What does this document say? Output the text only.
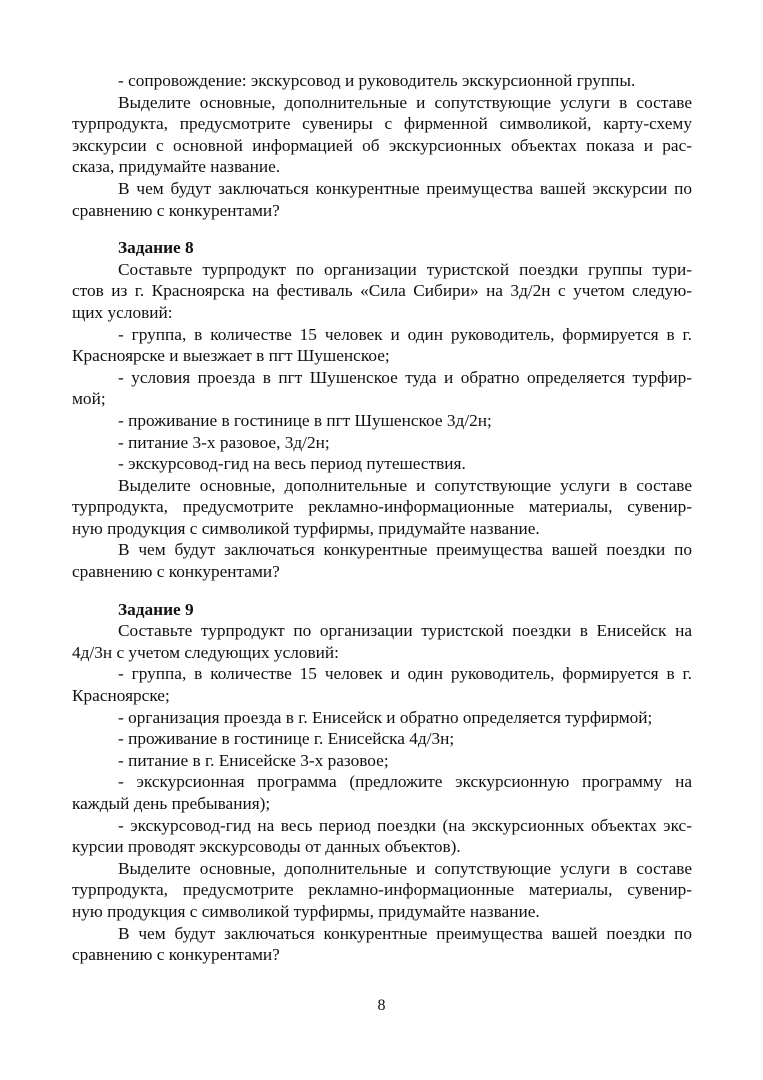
- сопровождение: экскурсовод и руководитель экскурсионной группы.
Выделите основные, дополнительные и сопутствующие услуги в составе
турпродукта, предусмотрите сувениры с фирменной символикой, карту-схему
экскурсии с основной информацией об экскурсионных объектах показа и рас-
сказа, придумайте название.
В чем будут заключаться конкурентные преимущества вашей экскурсии по
сравнению с конкурентами?
Задание 8
Составьте турпродукт по организации туристской поездки группы тури-
стов из г. Красноярска на фестиваль «Сила Сибири» на 3д/2н с учетом следую-
щих условий:
- группа, в количестве 15 человек и один руководитель, формируется в г.
Красноярске и выезжает в пгт Шушенское;
- условия проезда в пгт Шушенское туда и обратно определяется турфир-
мой;
- проживание в гостинице в пгт Шушенское 3д/2н;
- питание 3-х разовое, 3д/2н;
- экскурсовод-гид на весь период путешествия.
Выделите основные, дополнительные и сопутствующие услуги в составе
турпродукта, предусмотрите рекламно-информационные материалы, сувенир-
ную продукция с символикой турфирмы, придумайте название.
В чем будут заключаться конкурентные преимущества вашей поездки по
сравнению с конкурентами?
Задание 9
Составьте турпродукт по организации туристской поездки в Енисейск на
4д/3н с учетом следующих условий:
- группа, в количестве 15 человек и один руководитель, формируется в г.
Красноярске;
- организация проезда в г. Енисейск и обратно определяется турфирмой;
- проживание в гостинице г. Енисейска 4д/3н;
- питание в г. Енисейске 3-х разовое;
- экскурсионная программа (предложите экскурсионную программу на
каждый день пребывания);
- экскурсовод-гид на весь период поездки (на экскурсионных объектах экс-
курсии проводят экскурсоводы от данных объектов).
Выделите основные, дополнительные и сопутствующие услуги в составе
турпродукта, предусмотрите рекламно-информационные материалы, сувенир-
ную продукция с символикой турфирмы, придумайте название.
В чем будут заключаться конкурентные преимущества вашей поездки по
сравнению с конкурентами?
8
